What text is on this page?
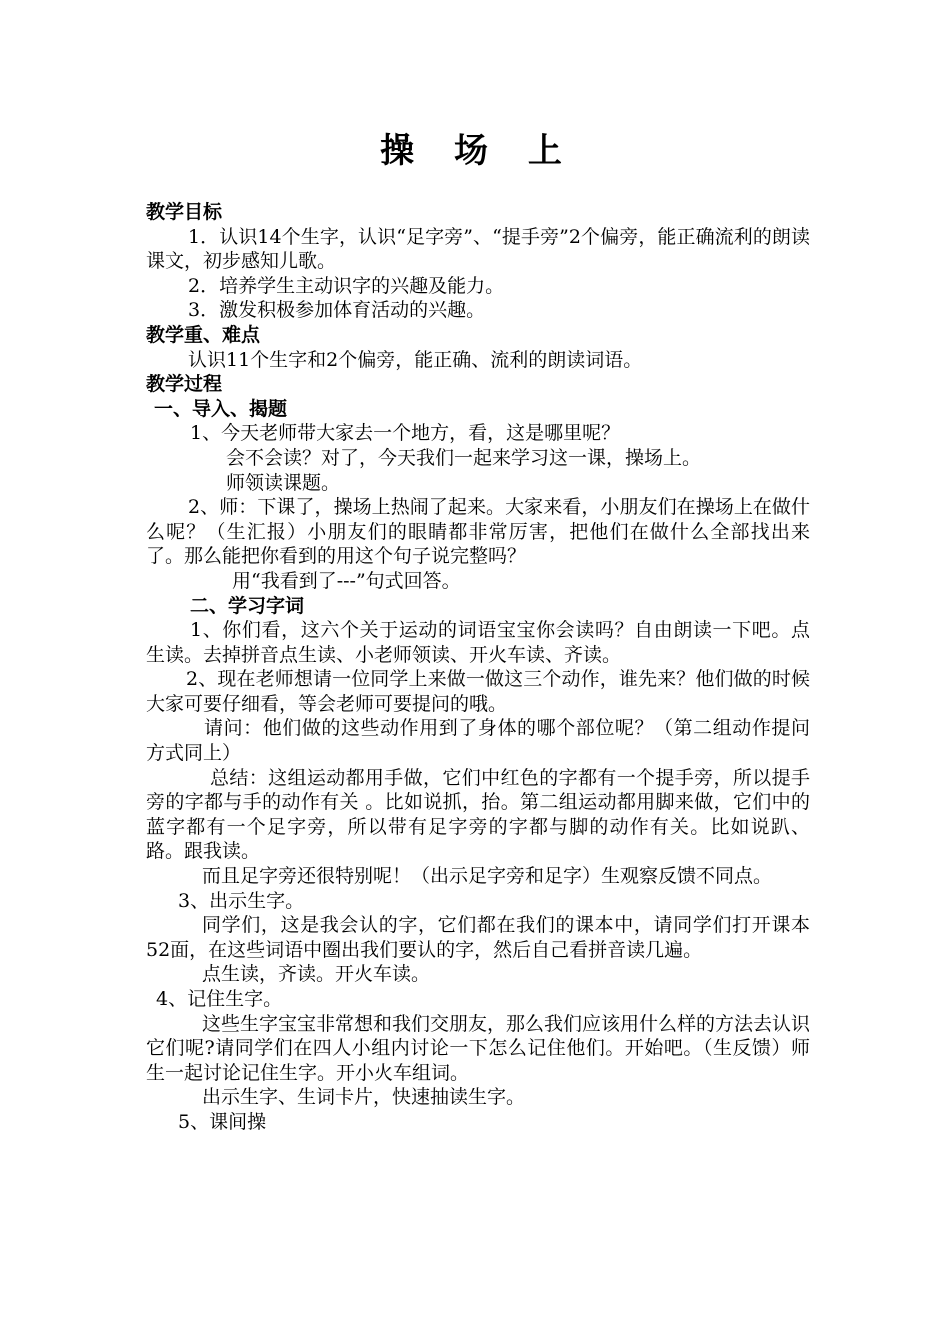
操 场 上

教学目标

1．认识14个生字，认识“足字旁”、“提手旁”2个偏旁，能正确流利的朗读课文，初步感知儿歌。

2．培养学生主动识字的兴趣及能力。

3．激发积极参加体育活动的兴趣。

教学重、难点

认识11个生字和2个偏旁，能正确、流利的朗读词语。

教学过程

一、导入、揭题

1、今天老师带大家去一个地方，看，这是哪里呢？

会不会读？对了，今天我们一起来学习这一课，操场上。

师领读课题。

2、师：下课了，操场上热闹了起来。大家来看，小朋友们在操场上在做什么呢？（生汇报）小朋友们的眼睛都非常厉害，把他们在做什么全部找出来了。那么能把你看到的用这个句子说完整吗？

用“我看到了---”句式回答。

二、学习字词

1、你们看，这六个关于运动的词语宝宝你会读吗？自由朗读一下吧。点生读。去掉拼音点生读、小老师领读、开火车读、齐读。

2、现在老师想请一位同学上来做一做这三个动作，谁先来？他们做的时候大家可要仔细看，等会老师可要提问的哦。

请问：他们做的这些动作用到了身体的哪个部位呢？（第二组动作提问方式同上）

总结：这组运动都用手做，它们中红色的字都有一个提手旁，所以提手旁的字都与手的动作有关 。比如说抓，抬。第二组运动都用脚来做，它们中的蓝字都有一个足字旁，所以带有足字旁的字都与脚的动作有关。比如说趴、路。跟我读。

而且足字旁还很特别呢！（出示足字旁和足字）生观察反馈不同点。

3、出示生字。

同学们，这是我会认的字，它们都在我们的课本中，请同学们打开课本52面，在这些词语中圈出我们要认的字，然后自己看拼音读几遍。

点生读，齐读。开火车读。

4、记住生字。

这些生字宝宝非常想和我们交朋友，那么我们应该用什么样的方法去认识它们呢?请同学们在四人小组内讨论一下怎么记住他们。开始吧。（生反馈）师生一起讨论记住生字。开小火车组词。

出示生字、生词卡片，快速抽读生字。

5、课间操
